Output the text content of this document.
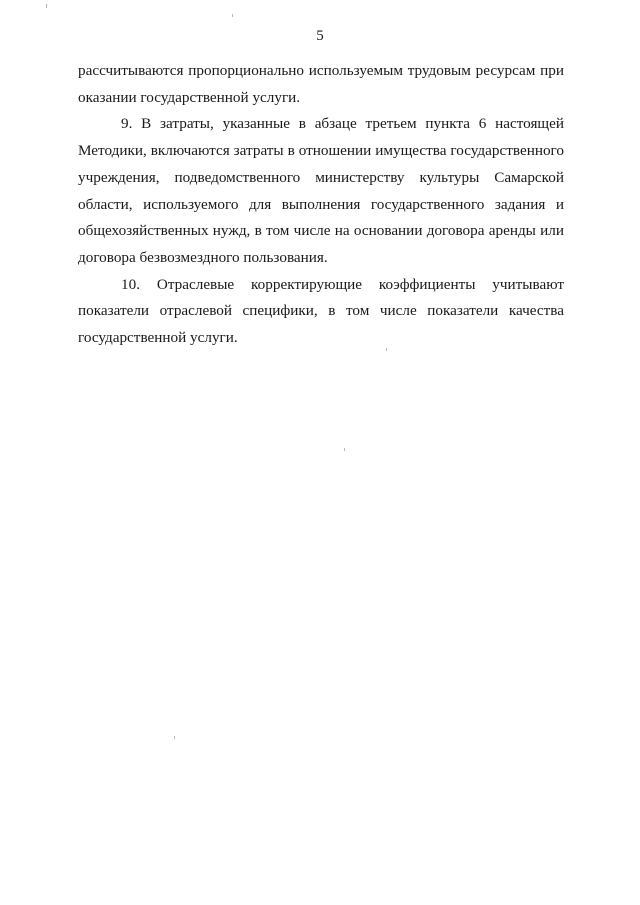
5

рассчитываются пропорционально используемым трудовым ресурсам при оказании государственной услуги.

9. В затраты, указанные в абзаце третьем пункта 6 настоящей Методики, включаются затраты в отношении имущества государственного учреждения, подведомственного министерству культуры Самарской области, используемого для выполнения государственного задания и общехозяйственных нужд, в том числе на основании договора аренды или договора безвозмездного пользования.

10. Отраслевые корректирующие коэффициенты учитывают показатели отраслевой специфики, в том числе показатели качества государственной услуги.
